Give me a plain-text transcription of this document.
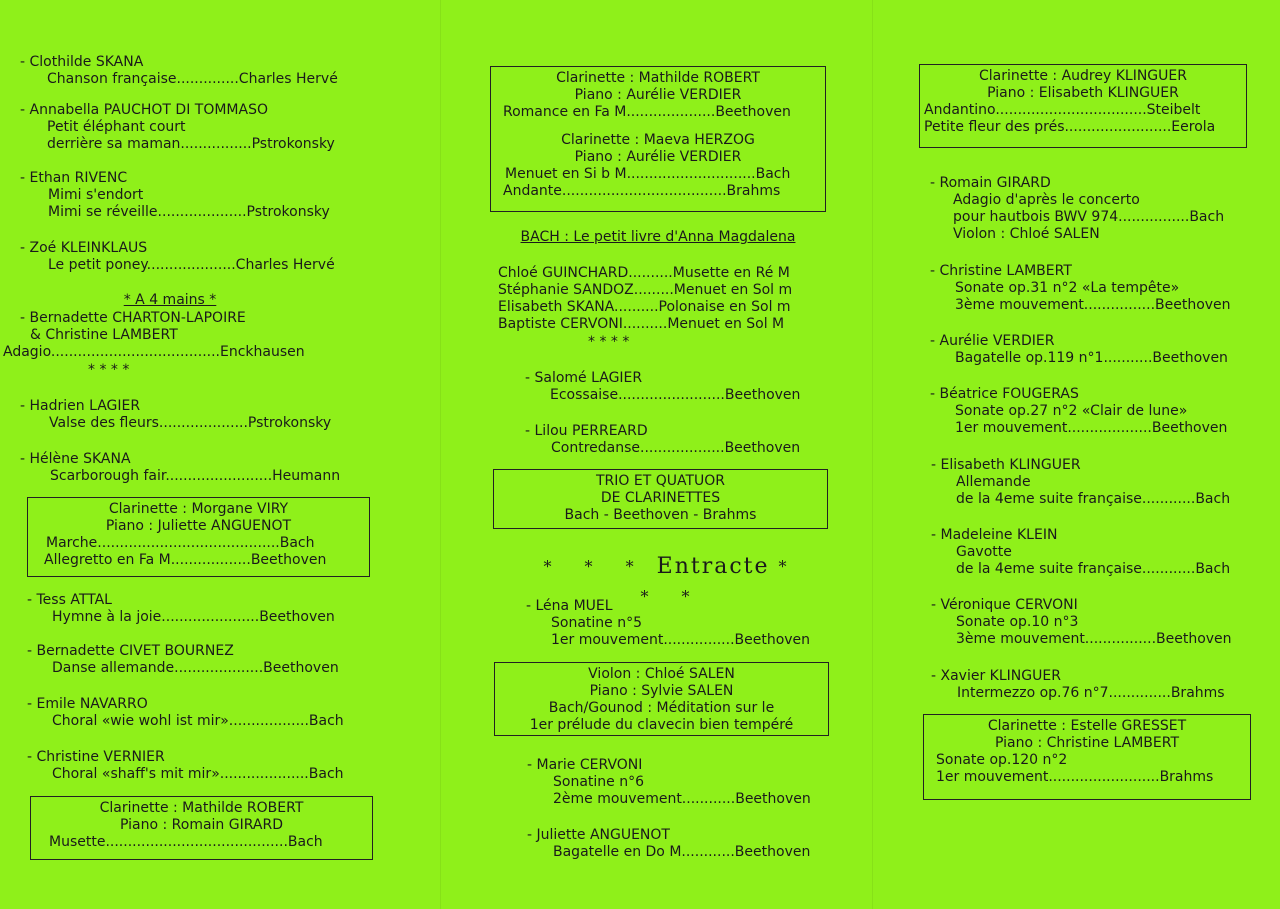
- Clothilde SKANA
Chanson française..............Charles Hervé
- Annabella PAUCHOT DI TOMMASO
Petit éléphant court
derrière sa maman................Pstrokonsky
- Ethan RIVENC
Mimi s'endort
Mimi se réveille....................Pstrokonsky
- Zoé KLEINKLAUS
Le petit poney....................Charles Hervé
* A 4 mains *
- Bernadette CHARTON-LAPOIRE
& Christine LAMBERT
Adagio......................................Enckhausen
* * * *
- Hadrien LAGIER
Valse des fleurs....................Pstrokonsky
- Hélène SKANA
Scarborough fair........................Heumann
Clarinette : Morgane VIRY
Piano : Juliette ANGUENOT
Marche.........................................Bach
Allegretto en Fa M..................Beethoven
- Tess ATTAL
Hymne à la joie......................Beethoven
- Bernadette CIVET BOURNEZ
Danse allemande....................Beethoven
- Emile NAVARRO
Choral «wie wohl ist mir»..................Bach
- Christine VERNIER
Choral «shaff's mit mir»....................Bach
Clarinette : Mathilde ROBERT
Piano : Romain GIRARD
Musette.........................................Bach
Clarinette : Mathilde ROBERT
Piano : Aurélie VERDIER
Romance en Fa M....................Beethoven
Clarinette : Maeva HERZOG
Piano : Aurélie VERDIER
Menuet en Si b M.............................Bach
Andante.....................................Brahms
BACH : Le petit livre d'Anna Magdalena
Chloé GUINCHARD..........Musette en Ré M
Stéphanie SANDOZ.........Menuet en Sol m
Elisabeth SKANA..........Polonaise en Sol m
Baptiste CERVONI..........Menuet en Sol M
* * * *
- Salomé LAGIER
Ecossaise........................Beethoven
- Lilou PERREARD
Contredanse...................Beethoven
TRIO ET QUATUOR
DE CLARINETTES
Bach - Beethoven - Brahms
* * * Entracte * * *
- Léna MUEL
Sonatine n°5
1er mouvement................Beethoven
Violon : Chloé SALEN
Piano : Sylvie SALEN
Bach/Gounod : Méditation sur le
1er prélude du clavecin bien tempéré
- Marie CERVONI
Sonatine n°6
2ème mouvement............Beethoven
- Juliette ANGUENOT
Bagatelle en Do M............Beethoven
Clarinette : Audrey KLINGUER
Piano : Elisabeth KLINGUER
Andantino..................................Steibelt
Petite fleur des prés........................Eerola
- Romain GIRARD
Adagio d'après le concerto
pour hautbois BWV 974................Bach
Violon : Chloé SALEN
- Christine LAMBERT
Sonate op.31 n°2 «La tempête»
3ème mouvement................Beethoven
- Aurélie VERDIER
Bagatelle op.119 n°1...........Beethoven
- Béatrice FOUGERAS
Sonate op.27 n°2 «Clair de lune»
1er mouvement...................Beethoven
- Elisabeth KLINGUER
Allemande
de la 4eme suite française............Bach
- Madeleine KLEIN
Gavotte
de la 4eme suite française............Bach
- Véronique CERVONI
Sonate op.10 n°3
3ème mouvement................Beethoven
- Xavier KLINGUER
Intermezzo op.76 n°7..............Brahms
Clarinette : Estelle GRESSET
Piano : Christine LAMBERT
Sonate op.120 n°2
1er mouvement.........................Brahms
